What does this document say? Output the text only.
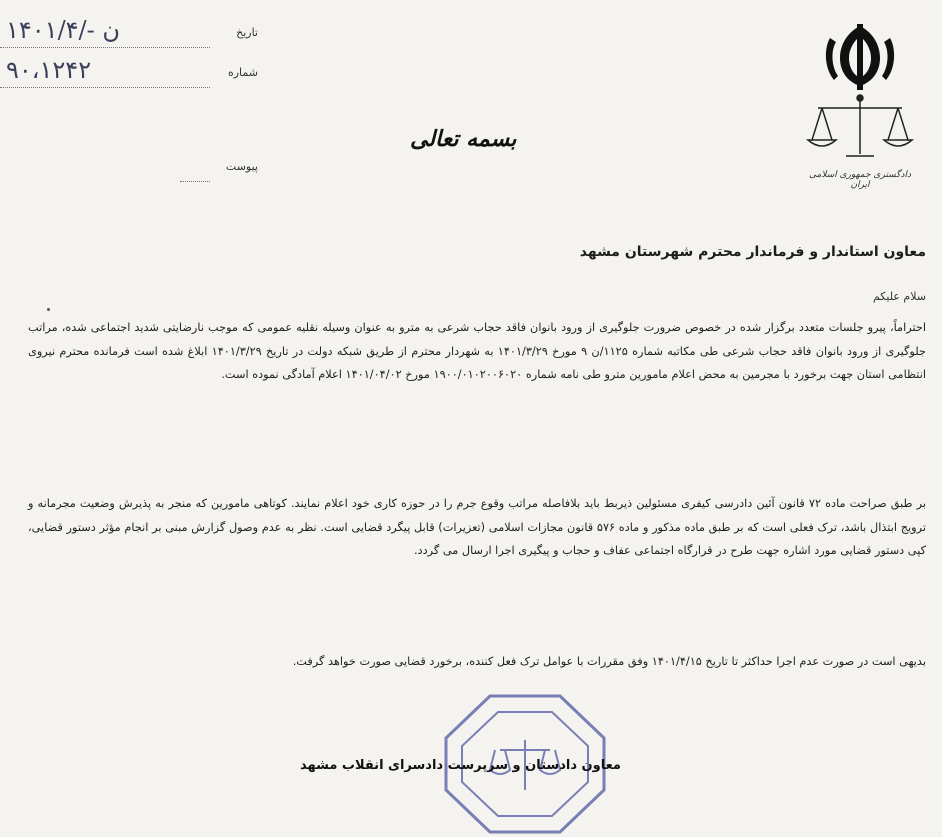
۱۴۰۱/۴/- ن	تاریخ
۹۰،۱۲۴۲	شماره
پیوست
بسمه تعالی
دادگستری جمهوری اسلامی ایران
معاون استاندار و فرماندار محترم شهرستان مشهد
سلام علیکم
احتراماً، پیرو جلسات متعدد برگزار شده در خصوص ضرورت جلوگیری از ورود بانوان فاقد حجاب شرعی به مترو به عنوان وسیله نقلیه عمومی که موجب نارضایتی شدید اجتماعی شده، مراتب جلوگیری از ورود بانوان فاقد حجاب شرعی طی مکاتبه شماره ۱۱۲۵/ن ۹ مورخ ۱۴۰۱/۳/۲۹ به شهردار محترم از طریق شبکه دولت در تاریخ ۱۴۰۱/۳/۲۹ ابلاغ شده است فرمانده محترم نیروی انتظامی استان جهت برخورد با مجرمین به محض اعلام مامورین مترو طی نامه شماره ۱۹۰۰/۰۱۰۲۰۰۶۰۲۰ مورخ ۱۴۰۱/۰۴/۰۲ اعلام آمادگی نموده است.
بر طبق صراحت ماده ۷۲ قانون آئین دادرسی کیفری مسئولین ذیربط باید بلافاصله مراتب وقوع جرم را در حوزه کاری خود اعلام نمایند. کوتاهی مامورین که منجر به پذیرش وضعیت مجرمانه و ترویج ابتذال باشد، ترک فعلی است که بر طبق ماده مذکور و ماده ۵۷۶ قانون مجازات اسلامی (تعزیرات) قابل پیگرد قضایی است. نظر به عدم وصول گزارش مبنی بر انجام مؤثر دستور قضایی، کپی دستور قضایی مورد اشاره جهت طرح در قرارگاه اجتماعی عفاف و حجاب و پیگیری اجرا ارسال می گردد.
بدیهی است در صورت عدم اجرا حداکثر تا تاریخ ۱۴۰۱/۴/۱۵ وفق مقررات با عوامل ترک فعل کننده، برخورد قضایی صورت خواهد گرفت.
معاون دادستان و سرپرست دادسرای انقلاب مشهد
